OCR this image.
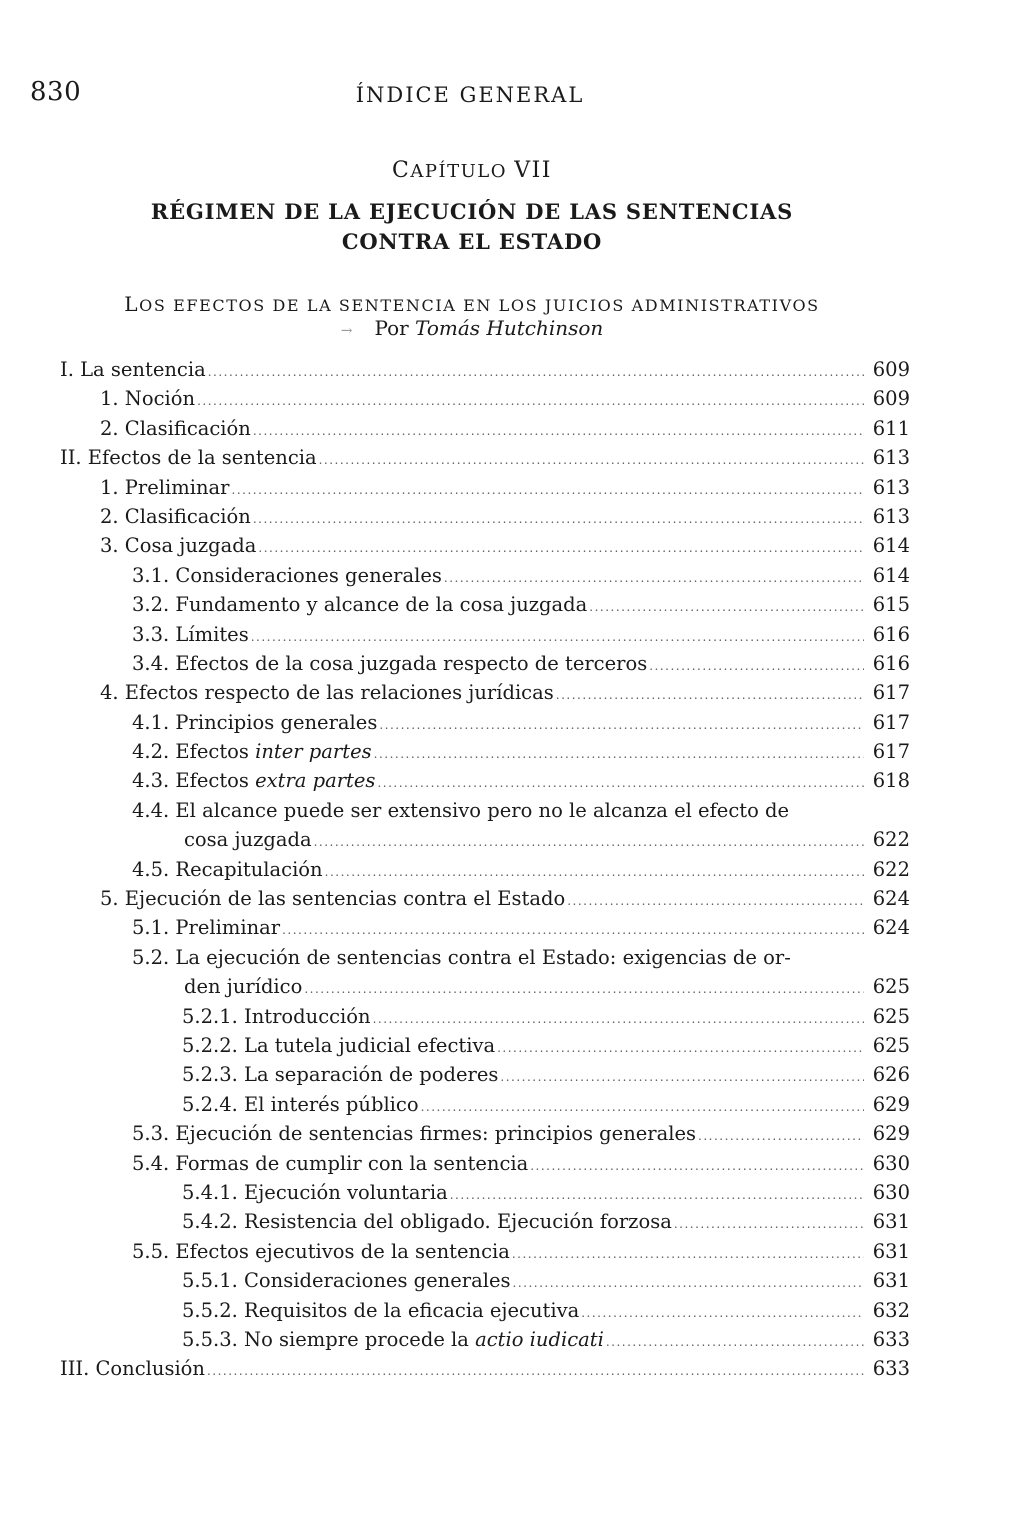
830	ÍNDICE GENERAL
CAPÍTULO VII
RÉGIMEN DE LA EJECUCIÓN DE LAS SENTENCIAS
CONTRA EL ESTADO
LOS EFECTOS DE LA SENTENCIA EN LOS JUICIOS ADMINISTRATIVOS
→ Por Tomás Hutchinson
I. La sentencia .....	609
1. Noción .....	609
2. Clasificación .....	611
II. Efectos de la sentencia .....	613
1. Preliminar .....	613
2. Clasificación .....	613
3. Cosa juzgada .....	614
3.1. Consideraciones generales .....	614
3.2. Fundamento y alcance de la cosa juzgada .....	615
3.3. Límites .....	616
3.4. Efectos de la cosa juzgada respecto de terceros .....	616
4. Efectos respecto de las relaciones jurídicas .....	617
4.1. Principios generales .....	617
4.2. Efectos inter partes .....	617
4.3. Efectos extra partes .....	618
4.4. El alcance puede ser extensivo pero no le alcanza el efecto de
cosa juzgada .....	622
4.5. Recapitulación .....	622
5. Ejecución de las sentencias contra el Estado .....	624
5.1. Preliminar .....	624
5.2. La ejecución de sentencias contra el Estado: exigencias de or-
den jurídico .....	625
5.2.1. Introducción .....	625
5.2.2. La tutela judicial efectiva .....	625
5.2.3. La separación de poderes .....	626
5.2.4. El interés público .....	629
5.3. Ejecución de sentencias firmes: principios generales .....	629
5.4. Formas de cumplir con la sentencia .....	630
5.4.1. Ejecución voluntaria .....	630
5.4.2. Resistencia del obligado. Ejecución forzosa .....	631
5.5. Efectos ejecutivos de la sentencia .....	631
5.5.1. Consideraciones generales .....	631
5.5.2. Requisitos de la eficacia ejecutiva .....	632
5.5.3. No siempre procede la actio iudicati .....	633
III. Conclusión .....	633
